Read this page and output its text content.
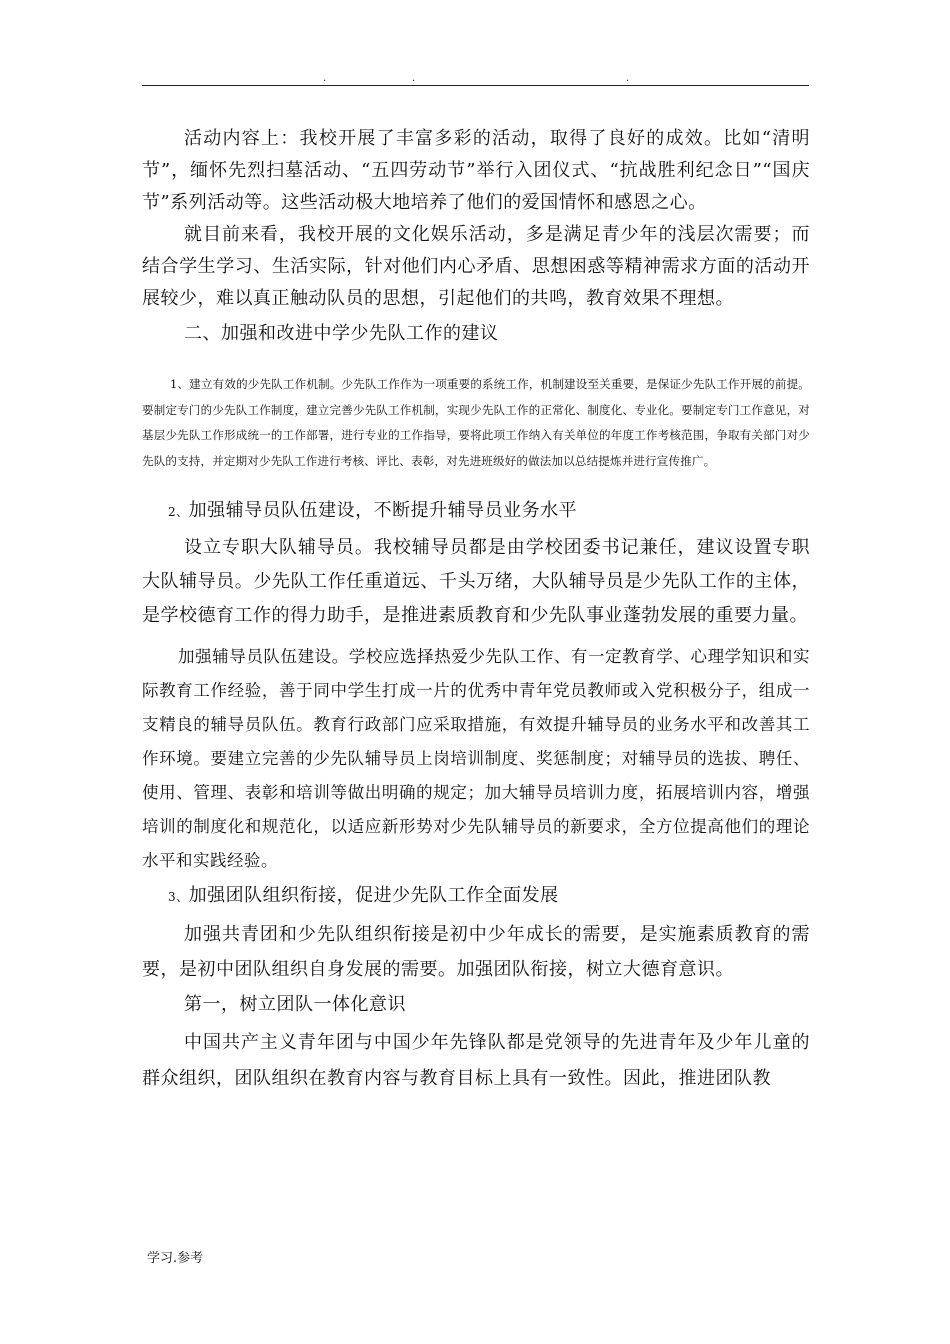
.	.	.

活动内容上：我校开展了丰富多彩的活动，取得了良好的成效。比如“清明节”，缅怀先烈扫墓活动、“五四劳动节”举行入团仪式、“抗战胜利纪念日”“国庆节”系列活动等。这些活动极大地培养了他们的爱国情怀和感恩之心。

就目前来看，我校开展的文化娱乐活动，多是满足青少年的浅层次需要；而结合学生学习、生活实际，针对他们内心矛盾、思想困惑等精神需求方面的活动开展较少，难以真正触动队员的思想，引起他们的共鸣，教育效果不理想。

二、加强和改进中学少先队工作的建议

1、建立有效的少先队工作机制。少先队工作作为一项重要的系统工作，机制建设至关重要，是保证少先队工作开展的前提。要制定专门的少先队工作制度，建立完善少先队工作机制，实现少先队工作的正常化、制度化、专业化。要制定专门工作意见，对基层少先队工作形成统一的工作部署，进行专业的工作指导，要将此项工作纳入有关单位的年度工作考核范围，争取有关部门对少先队的支持，并定期对少先队工作进行考核、评比、表彰，对先进班级好的做法加以总结提炼并进行宣传推广。

2、加强辅导员队伍建设，不断提升辅导员业务水平

设立专职大队辅导员。我校辅导员都是由学校团委书记兼任，建议设置专职大队辅导员。少先队工作任重道远、千头万绪，大队辅导员是少先队工作的主体，是学校德育工作的得力助手，是推进素质教育和少先队事业蓬勃发展的重要力量。

加强辅导员队伍建设。学校应选择热爱少先队工作、有一定教育学、心理学知识和实际教育工作经验，善于同中学生打成一片的优秀中青年党员教师或入党积极分子，组成一支精良的辅导员队伍。教育行政部门应采取措施，有效提升辅导员的业务水平和改善其工作环境。要建立完善的少先队辅导员上岗培训制度、奖惩制度；对辅导员的选拔、聘任、使用、管理、表彰和培训等做出明确的规定；加大辅导员培训力度，拓展培训内容，增强培训的制度化和规范化，以适应新形势对少先队辅导员的新要求，全方位提高他们的理论水平和实践经验。

3、加强团队组织衔接，促进少先队工作全面发展

加强共青团和少先队组织衔接是初中少年成长的需要，是实施素质教育的需要，是初中团队组织自身发展的需要。加强团队衔接，树立大德育意识。

第一，树立团队一体化意识

中国共产主义青年团与中国少年先锋队都是党领导的先进青年及少年儿童的群众组织，团队组织在教育内容与教育目标上具有一致性。因此，推进团队教

学习.参考
